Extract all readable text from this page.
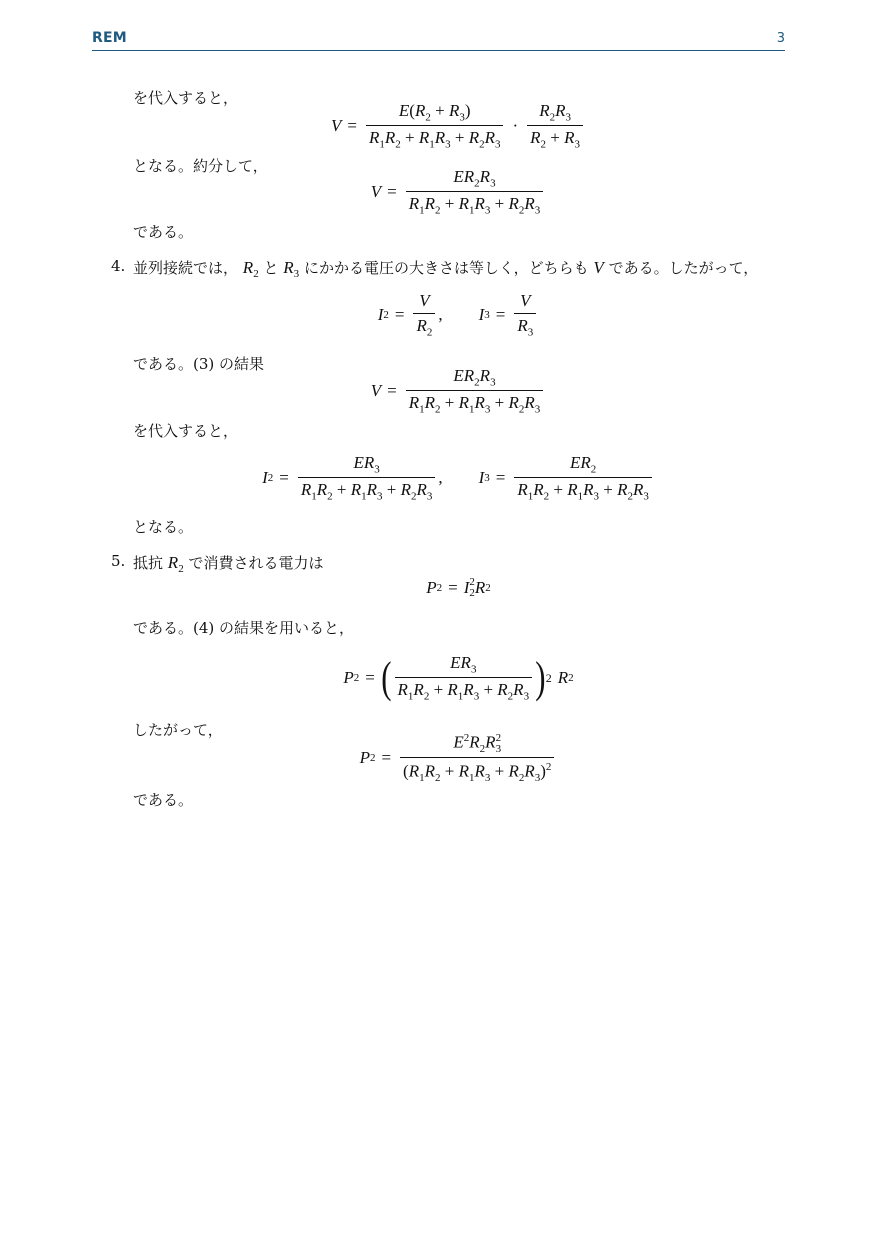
REM	3
を代入すると，
$V = \frac{E(R_2 + R_3)}{R_1R_2 + R_1R_3 + R_2R_3} \cdot \frac{R_2R_3}{R_2 + R_3}$
となる。約分して，
$V = \frac{ER_2R_3}{R_1R_2 + R_1R_3 + R_2R_3}$
である。
4. 並列接続では， $R_2$ と $R_3$ にかかる電圧の大きさは等しく，どちらも V である。したがって，
I $2 = \frac{V}{R_2}$ , I $3 = \frac{V}{R_3}$
である。(3) の結果
$V = \frac{ER_2R_3}{R_1R_2 + R_1R_3 + R_2R_3}$
を代入すると，
I $2 = \frac{ER_3}{R_1R_2 + R_1R_3 + R_2R_3}$ , I $3 = \frac{ER_2}{R_1R_2 + R_1R_3 + R_2R_3}$
となる。
5. 抵抗 $R_2$ で消費される電力は
P 2 = I 2
2 R 2
である。(4) の結果を用いると，
P 2 = ( $\frac{ER_3}{R_1R_2 + R_1R_3 + R_2R_3}$ ) 2 R 2
したがって，
P $2 = E^2R_2R$ 2
3
$(R_1R_2 + R_1R_3 + R_2R_3)^2$
である。
